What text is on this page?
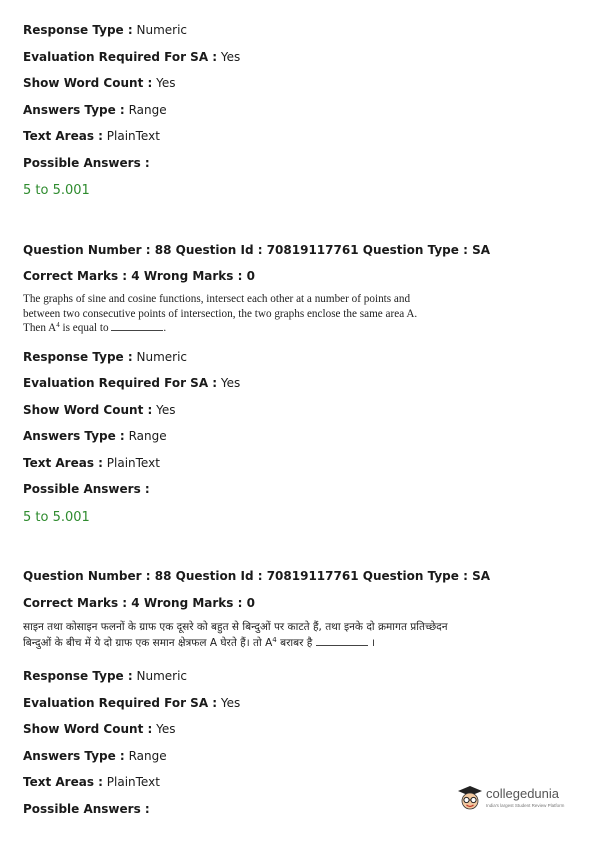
Response Type : Numeric
Evaluation Required For SA : Yes
Show Word Count : Yes
Answers Type : Range
Text Areas : PlainText
Possible Answers :
5 to 5.001
Question Number : 88 Question Id : 70819117761 Question Type : SA
Correct Marks : 4 Wrong Marks : 0
The graphs of sine and cosine functions, intersect each other at a number of points and
between two consecutive points of intersection, the two graphs enclose the same area A.
Then $A^4$ is equal to	.
Response Type : Numeric
Evaluation Required For SA : Yes
Show Word Count : Yes
Answers Type : Range
Text Areas : PlainText
Possible Answers :
5 to 5.001
Question Number : 88 Question Id : 70819117761 Question Type : SA
Correct Marks : 4 Wrong Marks : 0
साइन तथा कोसाइन फलनों के ग्राफ एक दूसरे को बहुत से बिन्दुओं पर काटते हैं, तथा इनके दो क्रमागत प्रतिच्छेदन
बिन्दुओं के बीच में ये दो ग्राफ एक समान क्षेत्रफल A घेरते हैं। तो $A^4$ बराबर है	।
Response Type : Numeric
Evaluation Required For SA : Yes
Show Word Count : Yes
Answers Type : Range
Text Areas : PlainText
Possible Answers :
collegedunia
India's largest Student Review Platform
